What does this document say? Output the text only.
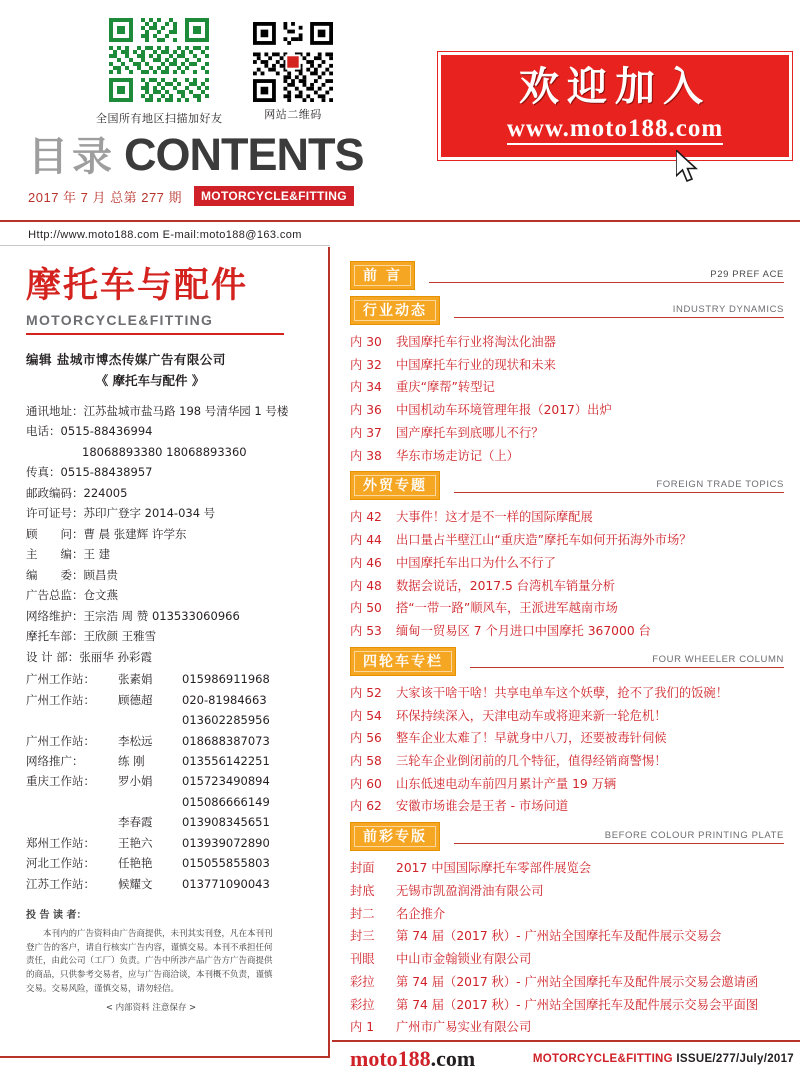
全国所有地区扫描加好友	网站二维码
目录 CONTENTS
2017 年 7 月 总第 277 期	MOTORCYCLE&FITTING
欢迎加入
www.moto188.com
Http://www.moto188.com E-mail:moto188@163.com
摩托车与配件
MOTORCYCLE&FITTING
编辑 盐城市博杰传媒广告有限公司
《 摩托车与配件 》
通讯地址：江苏盐城市盐马路 198 号清华园 1 号楼
电话：0515-88436994
18068893380 18068893360
传真：0515-88438957
邮政编码：224005
许可证号：苏印广登字 2014-034 号
顾　　问：曹 晨 张建辉 许学东
主　　编：王 建
编　　委：顾昌贵
广告总监：仓文燕
网络维护：王宗浩 周 赞 013533060966
摩托车部：王欣颜 王雅雪
设 计 部：张丽华 孙彩霞
广州工作站：	张素娟	015986911968
广州工作站：	顾德超	020-81984663
013602285956
广州工作站：	李松远	018688387073
网络推广：	练 刚	013556142251
重庆工作站：	罗小娟	015723490894
015086666149
李春霞	013908345651
郑州工作站：	王艳六	013939072890
河北工作站：	任艳艳	015055855803
江苏工作站：	候耀文	013771090043
投 告 读 者：
本刊内的广告资料由广告商提供，未刊其实刊登，凡在本刊刊登广告的客户，请自行核实广告内容，谨慎交易。本刊不承担任何责任，由此公司（工厂）负责。广告中所涉产品广告方广告商提供的商品，只供参考交易者，应与广告商洽谈，本刊概不负责，谨慎交易。交易风险，谨慎交易，请勿轻信。
< 内部资料 注意保存 >
前 言	P29 PREF ACE
行业动态	INDUSTRY DYNAMICS
内 30	我国摩托车行业将淘汰化油器
内 32	中国摩托车行业的现状和未来
内 34	重庆“摩帮”转型记
内 36	中国机动车环境管理年报（2017）出炉
内 37	国产摩托车到底哪儿不行？
内 38	华东市场走访记（上）
外贸专题	FOREIGN TRADE TOPICS
内 42	大事件！这才是不一样的国际摩配展
内 44	出口量占半壁江山“重庆造”摩托车如何开拓海外市场？
内 46	中国摩托车出口为什么不行了
内 48	数据会说话，2017.5 台湾机车销量分析
内 50	搭“一带一路”顺风车，王派进军越南市场
内 53	缅甸一贸易区 7 个月进口中国摩托 367000 台
四轮车专栏	FOUR WHEELER COLUMN
内 52	大家该干啥干啥！共享电单车这个妖孽，抢不了我们的饭碗！
内 54	环保持续深入，天津电动车或将迎来新一轮危机！
内 56	整车企业太难了！早就身中八刀，还要被毒针伺候
内 58	三轮车企业倒闭前的几个特征，值得经销商警惕！
内 60	山东低速电动车前四月累计产量 19 万辆
内 62	安徽市场谁会是王者 - 市场问道
前彩专版	BEFORE COLOUR PRINTING PLATE
封面	2017 中国国际摩托车零部件展览会
封底	无锡市凯盈润滑油有限公司
封二	名企推介
封三	第 74 届（2017 秋）- 广州站全国摩托车及配件展示交易会
刊眼	中山市金翰锁业有限公司
彩拉	第 74 届（2017 秋）- 广州站全国摩托车及配件展示交易会邀请函
彩拉	第 74 届（2017 秋）- 广州站全国摩托车及配件展示交易会平面图
内 1	广州市广易实业有限公司
moto188.com	MOTORCYCLE&FITTING ISSUE/277/July/2017
